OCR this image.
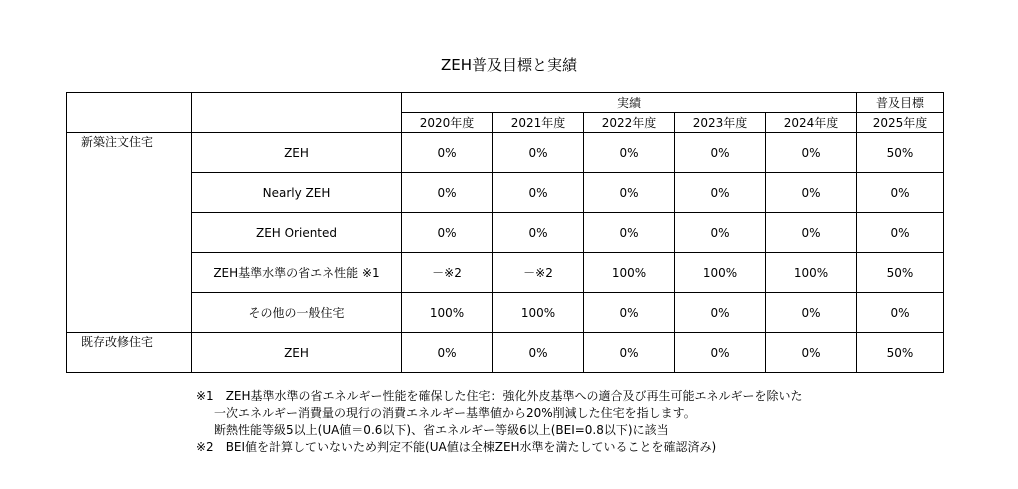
ZEH普及目標と実績
		実績					普及目標
		2020年度	2021年度	2022年度	2023年度	2024年度	2025年度
新築注文住宅	ZEH	0%	0%	0%	0%	0%	50%
	Nearly ZEH	0%	0%	0%	0%	0%	0%
	ZEH Oriented	0%	0%	0%	0%	0%	0%
	ZEH基準水準の省エネ性能 ※1	－※2	－※2	100%	100%	100%	50%
	その他の一般住宅	100%	100%	0%	0%	0%	0%
既存改修住宅	ZEH	0%	0%	0%	0%	0%	50%

※1　ZEH基準水準の省エネルギー性能を確保した住宅：強化外皮基準への適合及び再生可能エネルギーを除いた

一次エネルギー消費量の現行の消費エネルギー基準値から20%削減した住宅を指します。

断熱性能等級5以上(UA値＝0.6以下)、省エネルギー等級6以上(BEI=0.8以下)に該当

※2　BEI値を計算していないため判定不能(UA値は全棟ZEH水準を満たしていることを確認済み)
